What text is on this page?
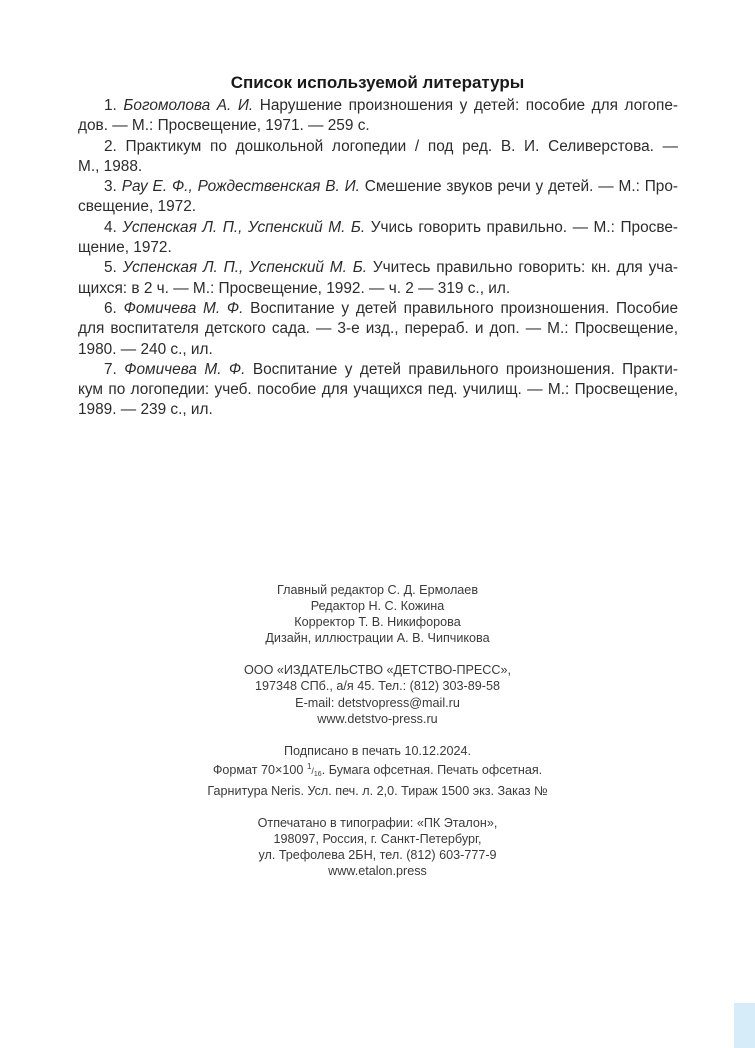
Список используемой литературы

1. Богомолова А. И. Нарушение произношения у детей: пособие для логопе-
дов. — М.: Просвещение, 1971. — 259 с.

2. Практикум по дошкольной логопедии / под ред. В. И. Селиверстова. —
М., 1988.

3. Рау Е. Ф., Рождественская В. И. Смешение звуков речи у детей. — М.: Про-
свещение, 1972.

4. Успенская Л. П., Успенский М. Б. Учись говорить правильно. — М.: Просве-
щение, 1972.

5. Успенская Л. П., Успенский М. Б. Учитесь правильно говорить: кн. для уча-
щихся: в 2 ч. — М.: Просвещение, 1992. — ч. 2 — 319 с., ил.

6. Фомичева М. Ф. Воспитание у детей правильного произношения. Пособие
для воспитателя детского сада. — 3-е изд., перераб. и доп. — М.: Просвещение,
1980. — 240 с., ил.

7. Фомичева М. Ф. Воспитание у детей правильного произношения. Практи-
кум по логопедии: учеб. пособие для учащихся пед. училищ. — М.: Просвещение,
1989. — 239 с., ил.

Главный редактор С. Д. Ермолаев
Редактор Н. С. Кожина
Корректор Т. В. Никифорова
Дизайн, иллюстрации А. В. Чипчикова
ООО «ИЗДАТЕЛЬСТВО «ДЕТСТВО-ПРЕСС»,
197348 СПб., а/я 45. Тел.: (812) 303-89-58
E-mail: detstvopress@mail.ru
www.detstvo-press.ru
Подписано в печать 10.12.2024.
Формат 70×100 $^1/_{16}$. Бумага офсетная. Печать офсетная.
Гарнитура Neris. Усл. печ. л. 2,0. Тираж 1500 экз. Заказ №
Отпечатано в типографии: «ПК Эталон»,
198097, Россия, г. Санкт-Петербург,
ул. Трефолева 2БН, тел. (812) 603-777-9
www.etalon.press
